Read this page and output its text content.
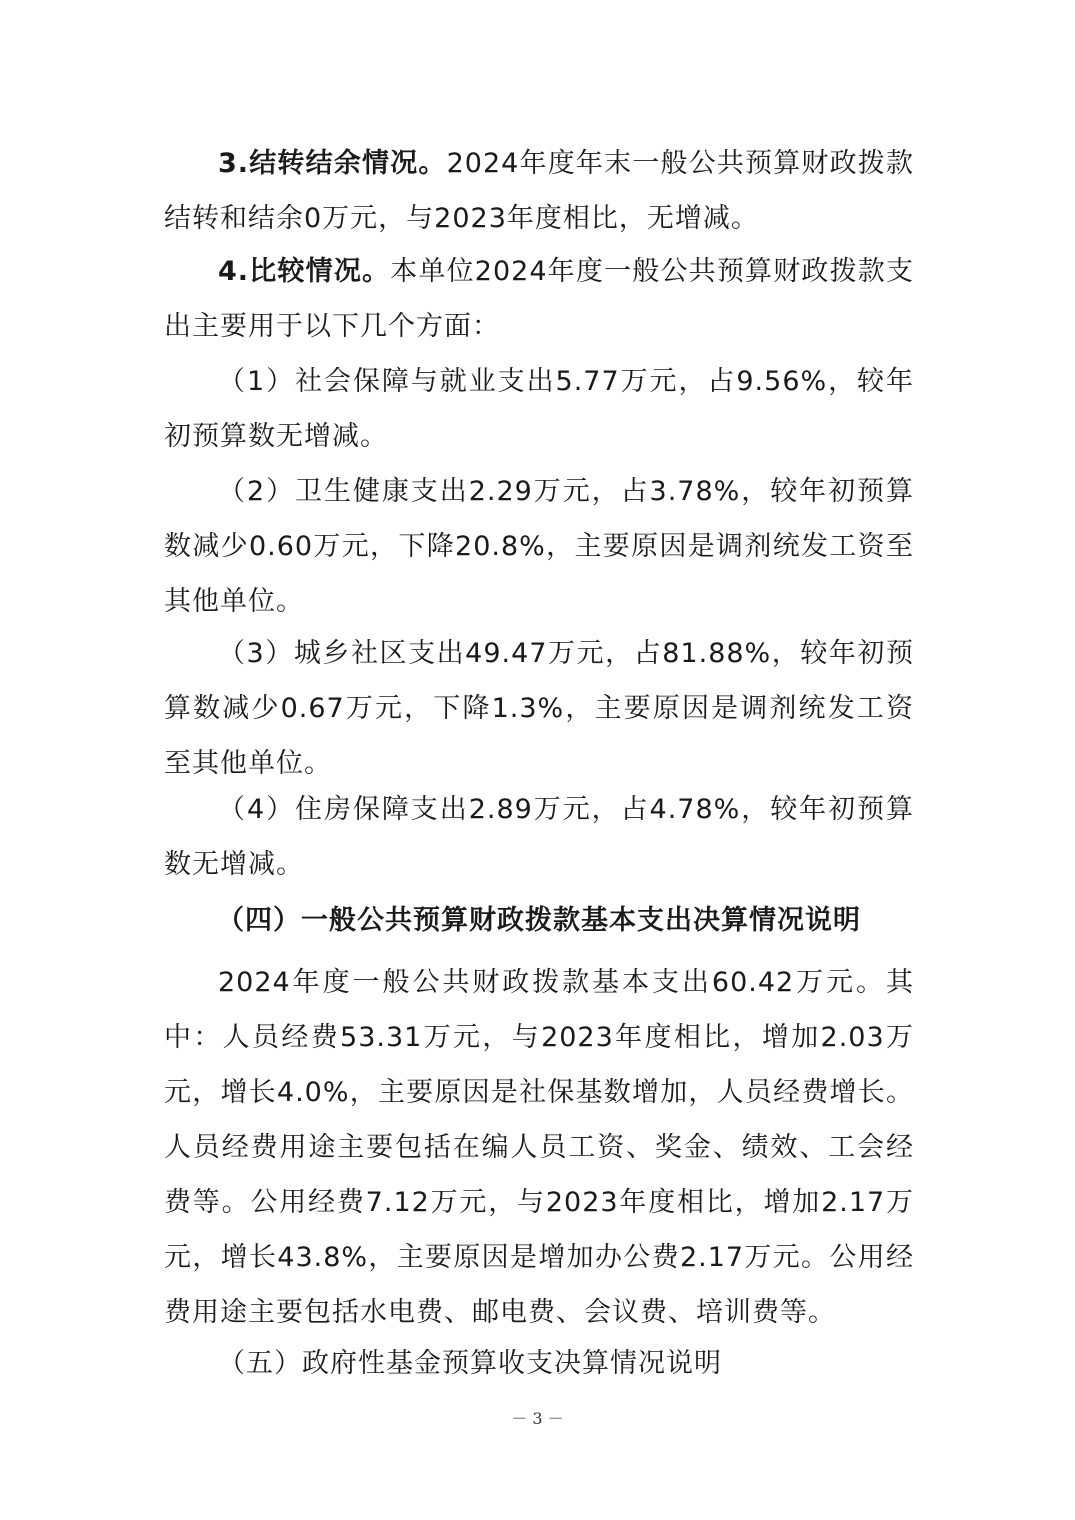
3.结转结余情况。2024年度年末一般公共预算财政拨款结转和结余0万元，与2023年度相比，无增减。

4.比较情况。本单位2024年度一般公共预算财政拨款支出主要用于以下几个方面：

（1）社会保障与就业支出5.77万元，占9.56%，较年初预算数无增减。

（2）卫生健康支出2.29万元，占3.78%，较年初预算数减少0.60万元，下降20.8%，主要原因是调剂统发工资至其他单位。

（3）城乡社区支出49.47万元，占81.88%，较年初预算数减少0.67万元，下降1.3%，主要原因是调剂统发工资至其他单位。

（4）住房保障支出2.89万元，占4.78%，较年初预算数无增减。

（四）一般公共预算财政拨款基本支出决算情况说明

2024年度一般公共财政拨款基本支出60.42万元。其中：人员经费53.31万元，与2023年度相比，增加2.03万元，增长4.0%，主要原因是社保基数增加，人员经费增长。人员经费用途主要包括在编人员工资、奖金、绩效、工会经费等。公用经费7.12万元，与2023年度相比，增加2.17万元，增长43.8%，主要原因是增加办公费2.17万元。公用经费用途主要包括水电费、邮电费、会议费、培训费等。

（五）政府性基金预算收支决算情况说明

－ 3 －
